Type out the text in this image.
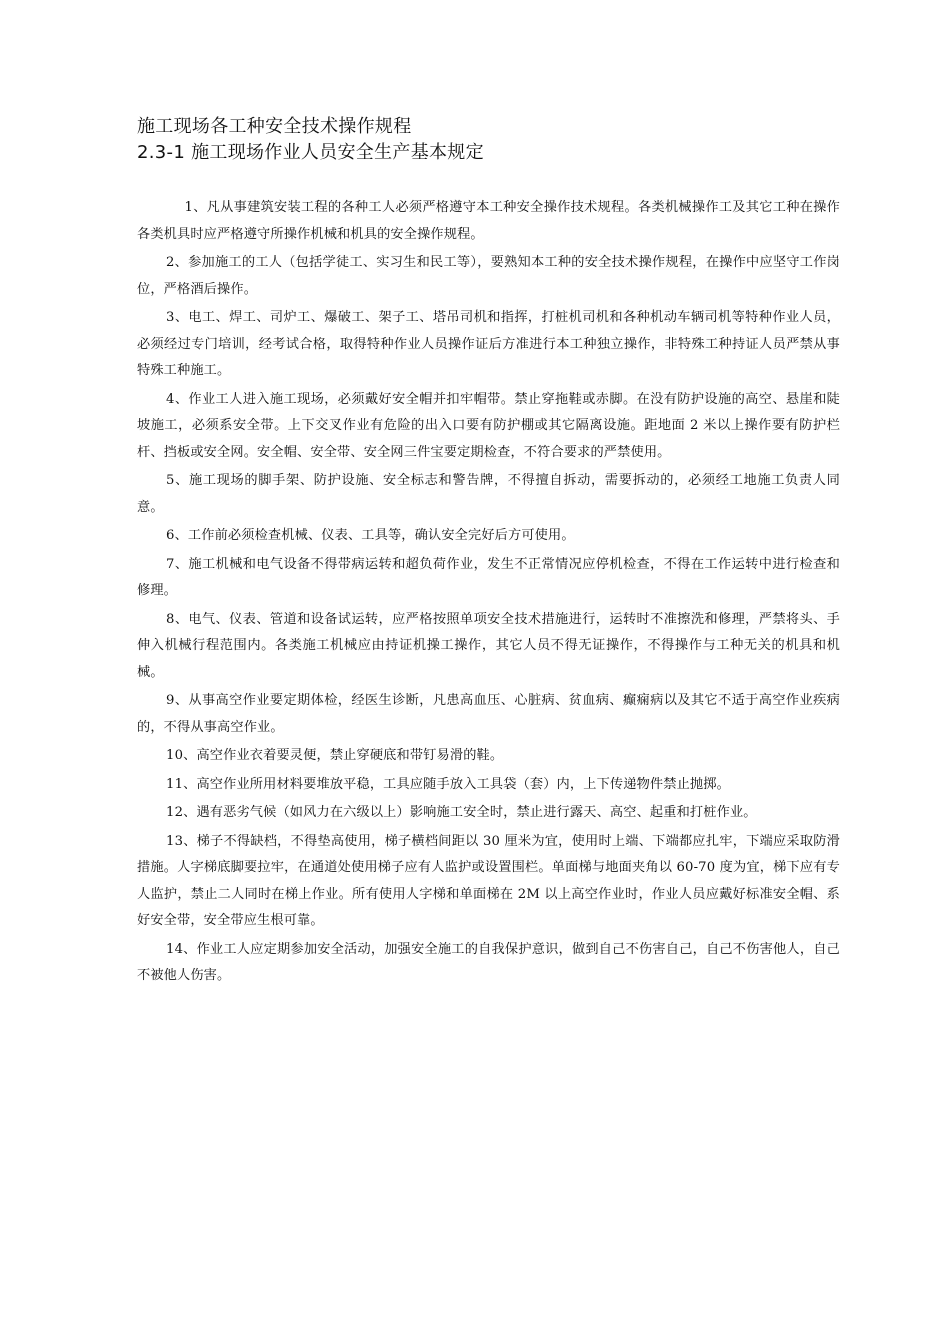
施工现场各工种安全技术操作规程
2.3-1 施工现场作业人员安全生产基本规定

1、凡从事建筑安装工程的各种工人必须严格遵守本工种安全操作技术规程。各类机械操作工及其它工种在操作各类机具时应严格遵守所操作机械和机具的安全操作规程。

2、参加施工的工人（包括学徒工、实习生和民工等），要熟知本工种的安全技术操作规程，在操作中应坚守工作岗位，严格酒后操作。

3、电工、焊工、司炉工、爆破工、架子工、塔吊司机和指挥，打桩机司机和各种机动车辆司机等特种作业人员，必须经过专门培训，经考试合格，取得特种作业人员操作证后方准进行本工种独立操作，非特殊工种持证人员严禁从事特殊工种施工。

4、作业工人进入施工现场，必须戴好安全帽并扣牢帽带。禁止穿拖鞋或赤脚。在没有防护设施的高空、悬崖和陡坡施工，必须系安全带。上下交叉作业有危险的出入口要有防护棚或其它隔离设施。距地面 2 米以上操作要有防护栏杆、挡板或安全网。安全帽、安全带、安全网三件宝要定期检查，不符合要求的严禁使用。

5、施工现场的脚手架、防护设施、安全标志和警告牌，不得擅自拆动，需要拆动的，必须经工地施工负责人同意。

6、工作前必须检查机械、仪表、工具等，确认安全完好后方可使用。

7、施工机械和电气设备不得带病运转和超负荷作业，发生不正常情况应停机检查，不得在工作运转中进行检查和修理。

8、电气、仪表、管道和设备试运转，应严格按照单项安全技术措施进行，运转时不准擦洗和修理，严禁将头、手伸入机械行程范围内。各类施工机械应由持证机操工操作，其它人员不得无证操作，不得操作与工种无关的机具和机械。

9、从事高空作业要定期体检，经医生诊断，凡患高血压、心脏病、贫血病、癫痫病以及其它不适于高空作业疾病的，不得从事高空作业。

10、高空作业衣着要灵便，禁止穿硬底和带钉易滑的鞋。

11、高空作业所用材料要堆放平稳，工具应随手放入工具袋（套）内，上下传递物件禁止抛掷。

12、遇有恶劣气候（如风力在六级以上）影响施工安全时，禁止进行露天、高空、起重和打桩作业。

13、梯子不得缺档，不得垫高使用，梯子横档间距以 30 厘米为宜，使用时上端、下端都应扎牢，下端应采取防滑措施。人字梯底脚要拉牢，在通道处使用梯子应有人监护或设置围栏。单面梯与地面夹角以 60-70 度为宜，梯下应有专人监护，禁止二人同时在梯上作业。所有使用人字梯和单面梯在 2M 以上高空作业时，作业人员应戴好标准安全帽、系好安全带，安全带应生根可靠。

14、作业工人应定期参加安全活动，加强安全施工的自我保护意识，做到自己不伤害自己，自己不伤害他人，自己不被他人伤害。
